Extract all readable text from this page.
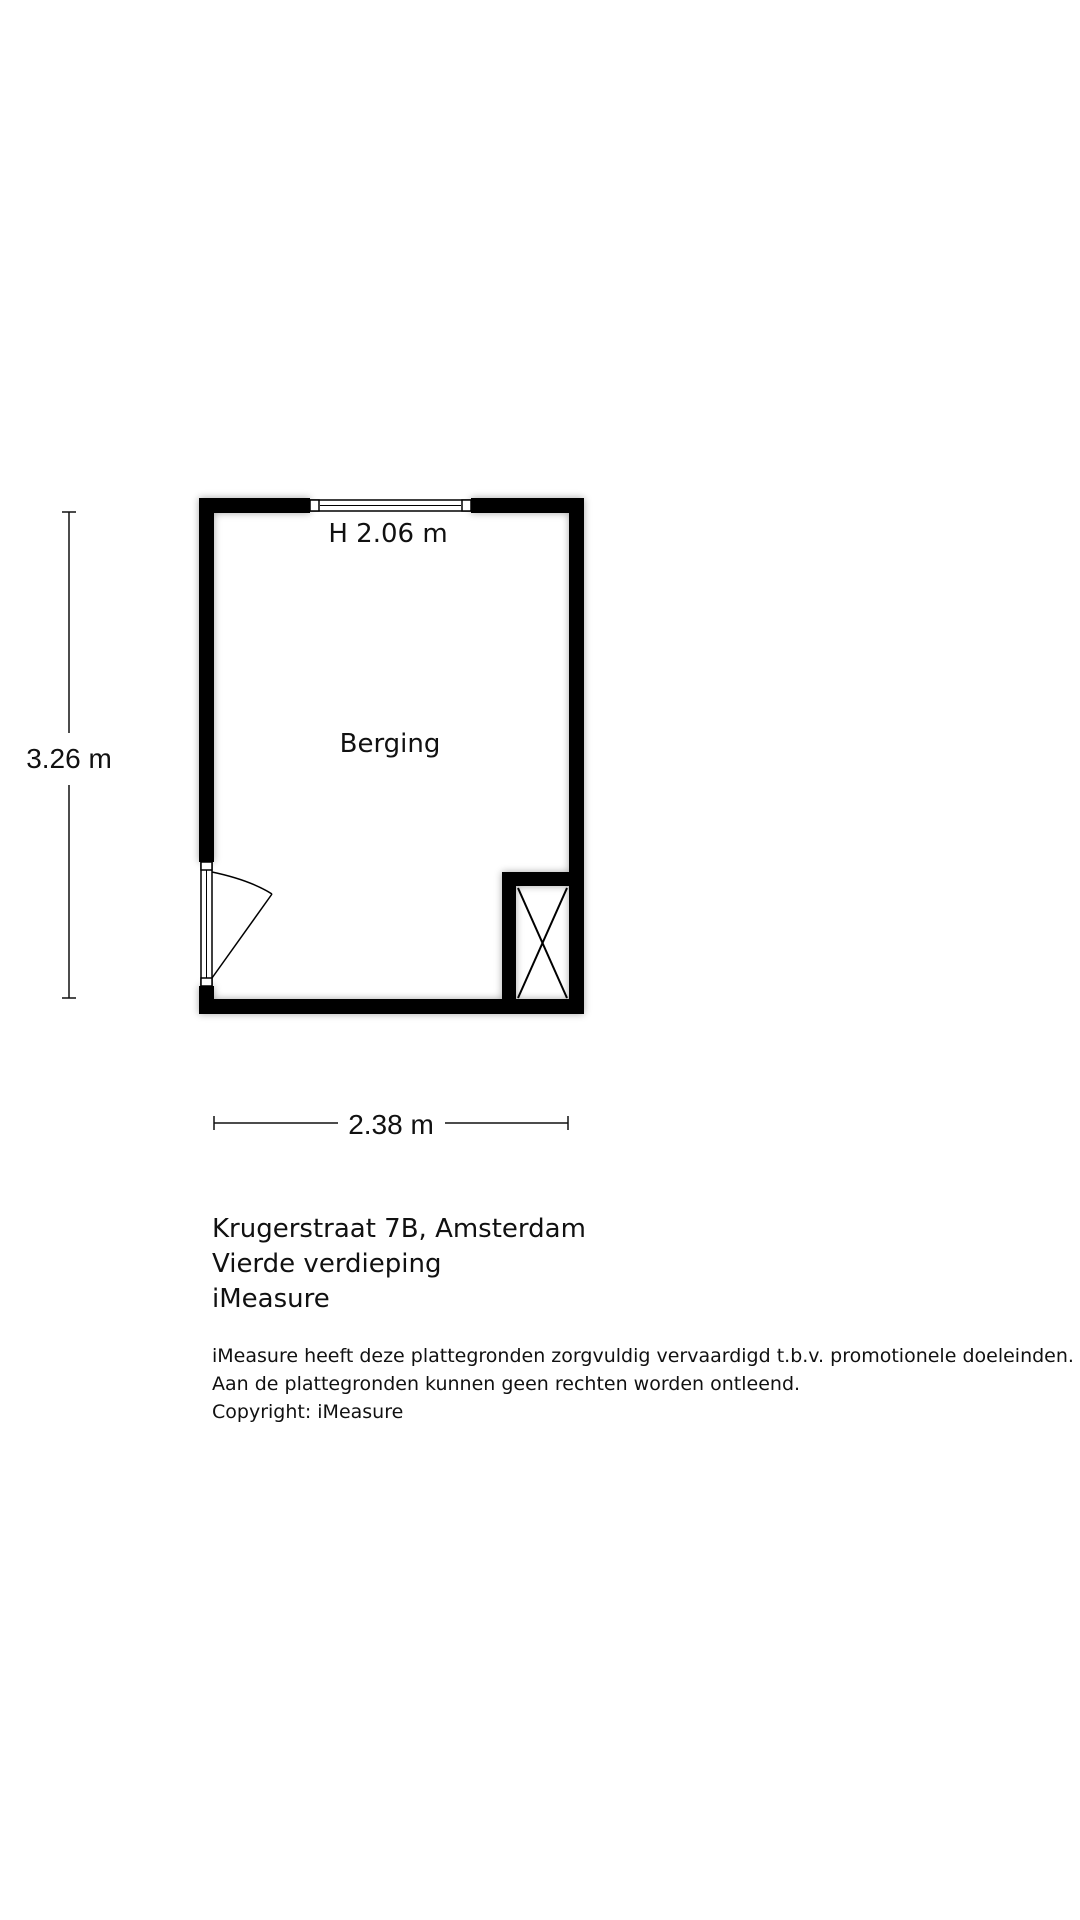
3.26 m
2.38 m
H 2.06 m
Berging
Krugerstraat 7B, Amsterdam
Vierde verdieping
iMeasure
iMeasure heeft deze plattegronden zorgvuldig vervaardigd t.b.v. promotionele doeleinden.
Aan de plattegronden kunnen geen rechten worden ontleend.
Copyright: iMeasure
